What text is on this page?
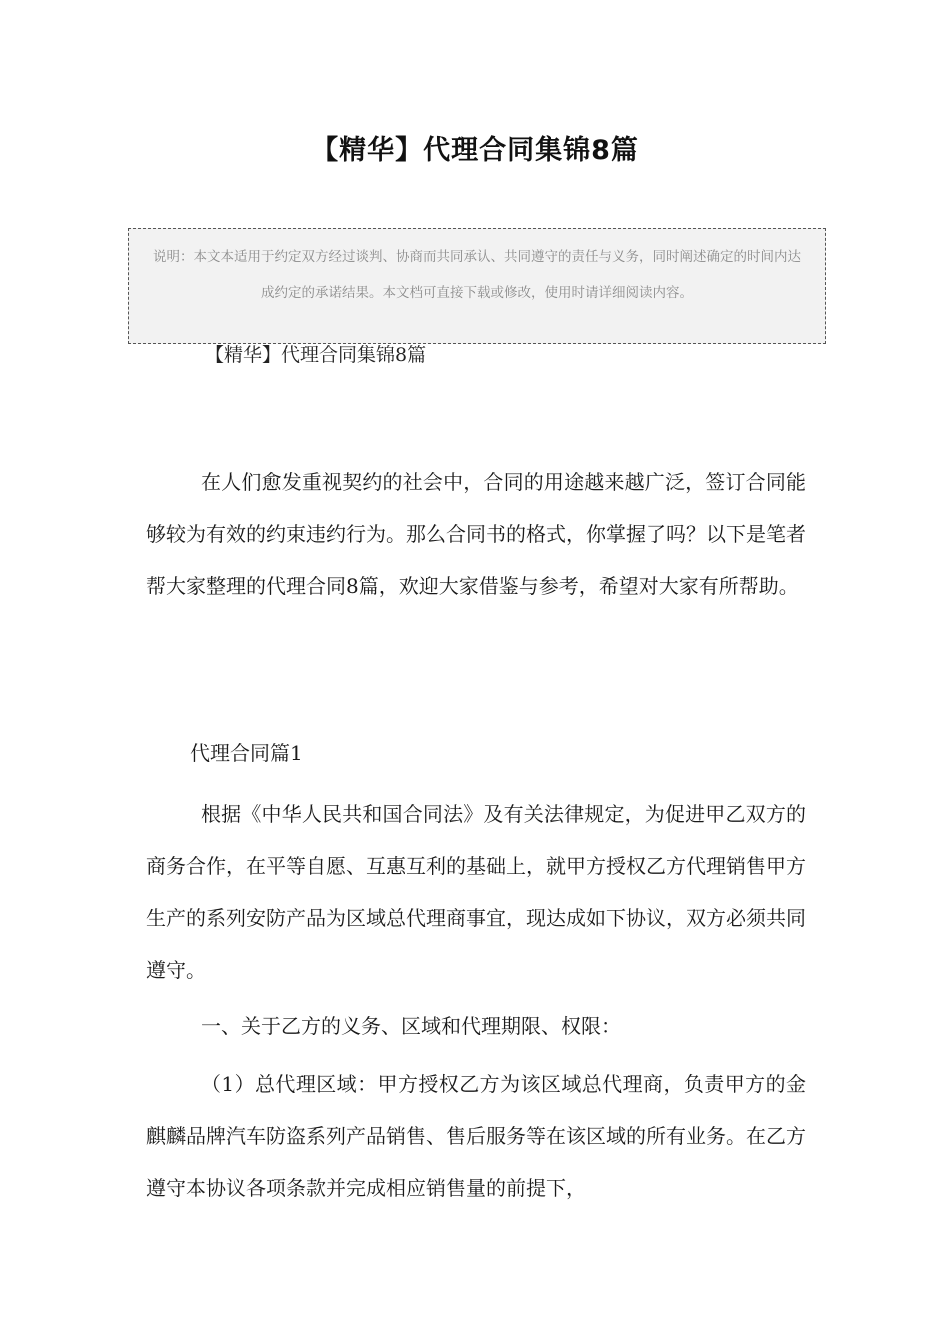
【精华】代理合同集锦8篇

说明：本文本适用于约定双方经过谈判、协商而共同承认、共同遵守的责任与义务，同时阐述确定的时间内达成约定的承诺结果。本文档可直接下载或修改，使用时请详细阅读内容。

【精华】代理合同集锦8篇

在人们愈发重视契约的社会中，合同的用途越来越广泛，签订合同能够较为有效的约束违约行为。那么合同书的格式，你掌握了吗？以下是笔者帮大家整理的代理合同8篇，欢迎大家借鉴与参考，希望对大家有所帮助。

代理合同篇1

根据《中华人民共和国合同法》及有关法律规定，为促进甲乙双方的商务合作，在平等自愿、互惠互利的基础上，就甲方授权乙方代理销售甲方生产的系列安防产品为区域总代理商事宜，现达成如下协议，双方必须共同遵守。

一、关于乙方的义务、区域和代理期限、权限：

（1）总代理区域：甲方授权乙方为该区域总代理商，负责甲方的金麒麟品牌汽车防盗系列产品销售、售后服务等在该区域的所有业务。在乙方遵守本协议各项条款并完成相应销售量的前提下，
